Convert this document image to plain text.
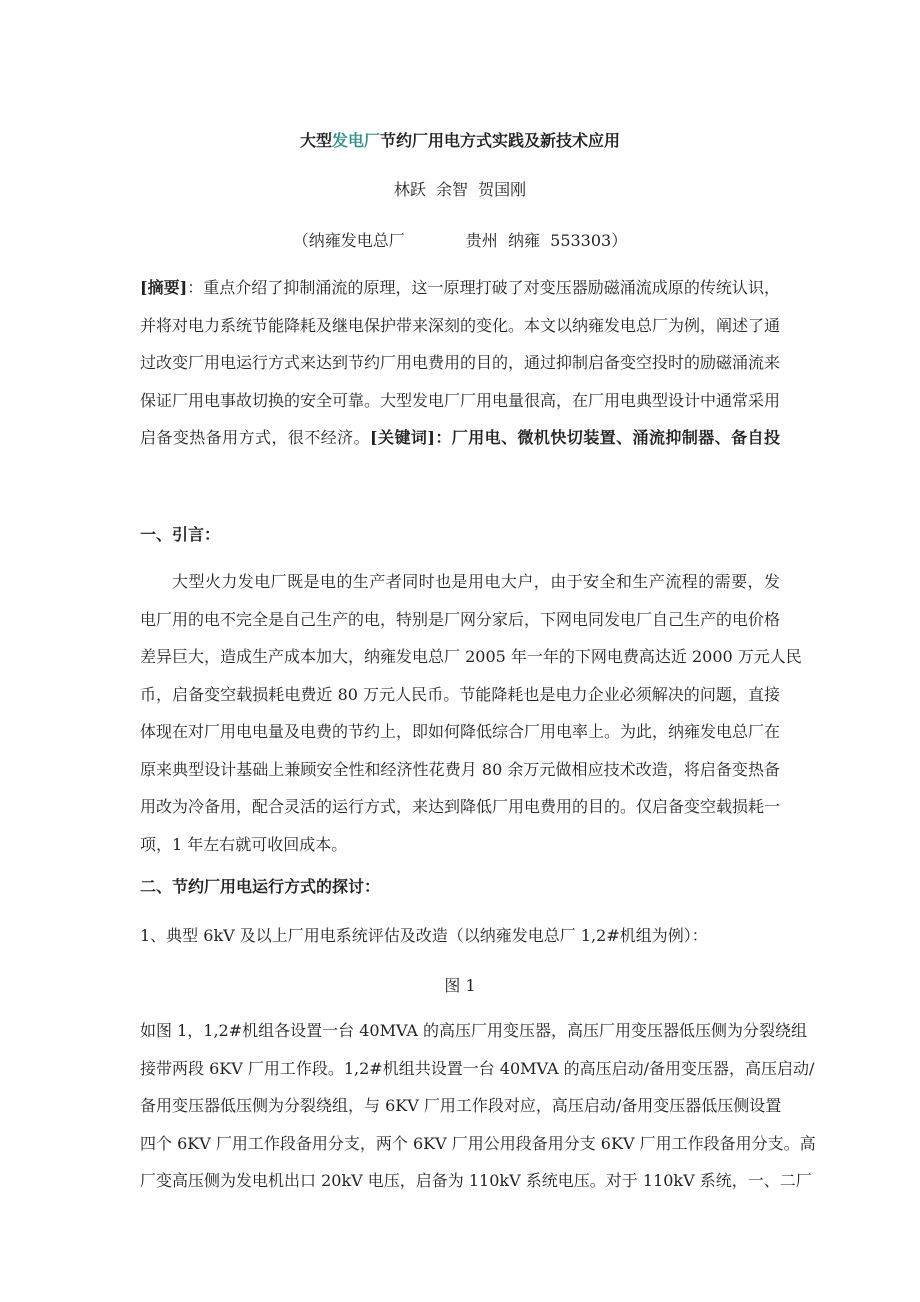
大型发电厂节约厂用电方式实践及新技术应用
林跃  余智  贺国刚
（纳雍发电总厂            贵州  纳雍  553303）
[摘要]：重点介绍了抑制涌流的原理，这一原理打破了对变压器励磁涌流成原的传统认识，
并将对电力系统节能降耗及继电保护带来深刻的变化。本文以纳雍发电总厂为例，阐述了通
过改变厂用电运行方式来达到节约厂用电费用的目的，通过抑制启备变空投时的励磁涌流来
保证厂用电事故切换的安全可靠。大型发电厂厂用电量很高，在厂用电典型设计中通常采用
启备变热备用方式，很不经济。[关键词]：厂用电、微机快切装置、涌流抑制器、备自投
一、引言：
大型火力发电厂既是电的生产者同时也是用电大户，由于安全和生产流程的需要，发
电厂用的电不完全是自己生产的电，特别是厂网分家后，下网电同发电厂自己生产的电价格
差异巨大，造成生产成本加大，纳雍发电总厂 2005 年一年的下网电费高达近 2000 万元人民
币，启备变空载损耗电费近 80 万元人民币。节能降耗也是电力企业必须解决的问题，直接
体现在对厂用电电量及电费的节约上，即如何降低综合厂用电率上。为此，纳雍发电总厂在
原来典型设计基础上兼顾安全性和经济性花费月 80 余万元做相应技术改造，将启备变热备
用改为冷备用，配合灵活的运行方式，来达到降低厂用电费用的目的。仅启备变空载损耗一
项，1 年左右就可收回成本。
二、节约厂用电运行方式的探讨：
1、典型 6kV 及以上厂用电系统评估及改造（以纳雍发电总厂 1,2#机组为例）：
图 1
如图 1，1,2#机组各设置一台 40MVA 的高压厂用变压器，高压厂用变压器低压侧为分裂绕组
接带两段 6KV 厂用工作段。1,2#机组共设置一台 40MVA 的高压启动/备用变压器，高压启动/
备用变压器低压侧为分裂绕组，与 6KV 厂用工作段对应，高压启动/备用变压器低压侧设置
四个 6KV 厂用工作段备用分支，两个 6KV 厂用公用段备用分支 6KV 厂用工作段备用分支。高
厂变高压侧为发电机出口 20kV 电压，启备为 110kV 系统电压。对于 110kV 系统，一、二厂
